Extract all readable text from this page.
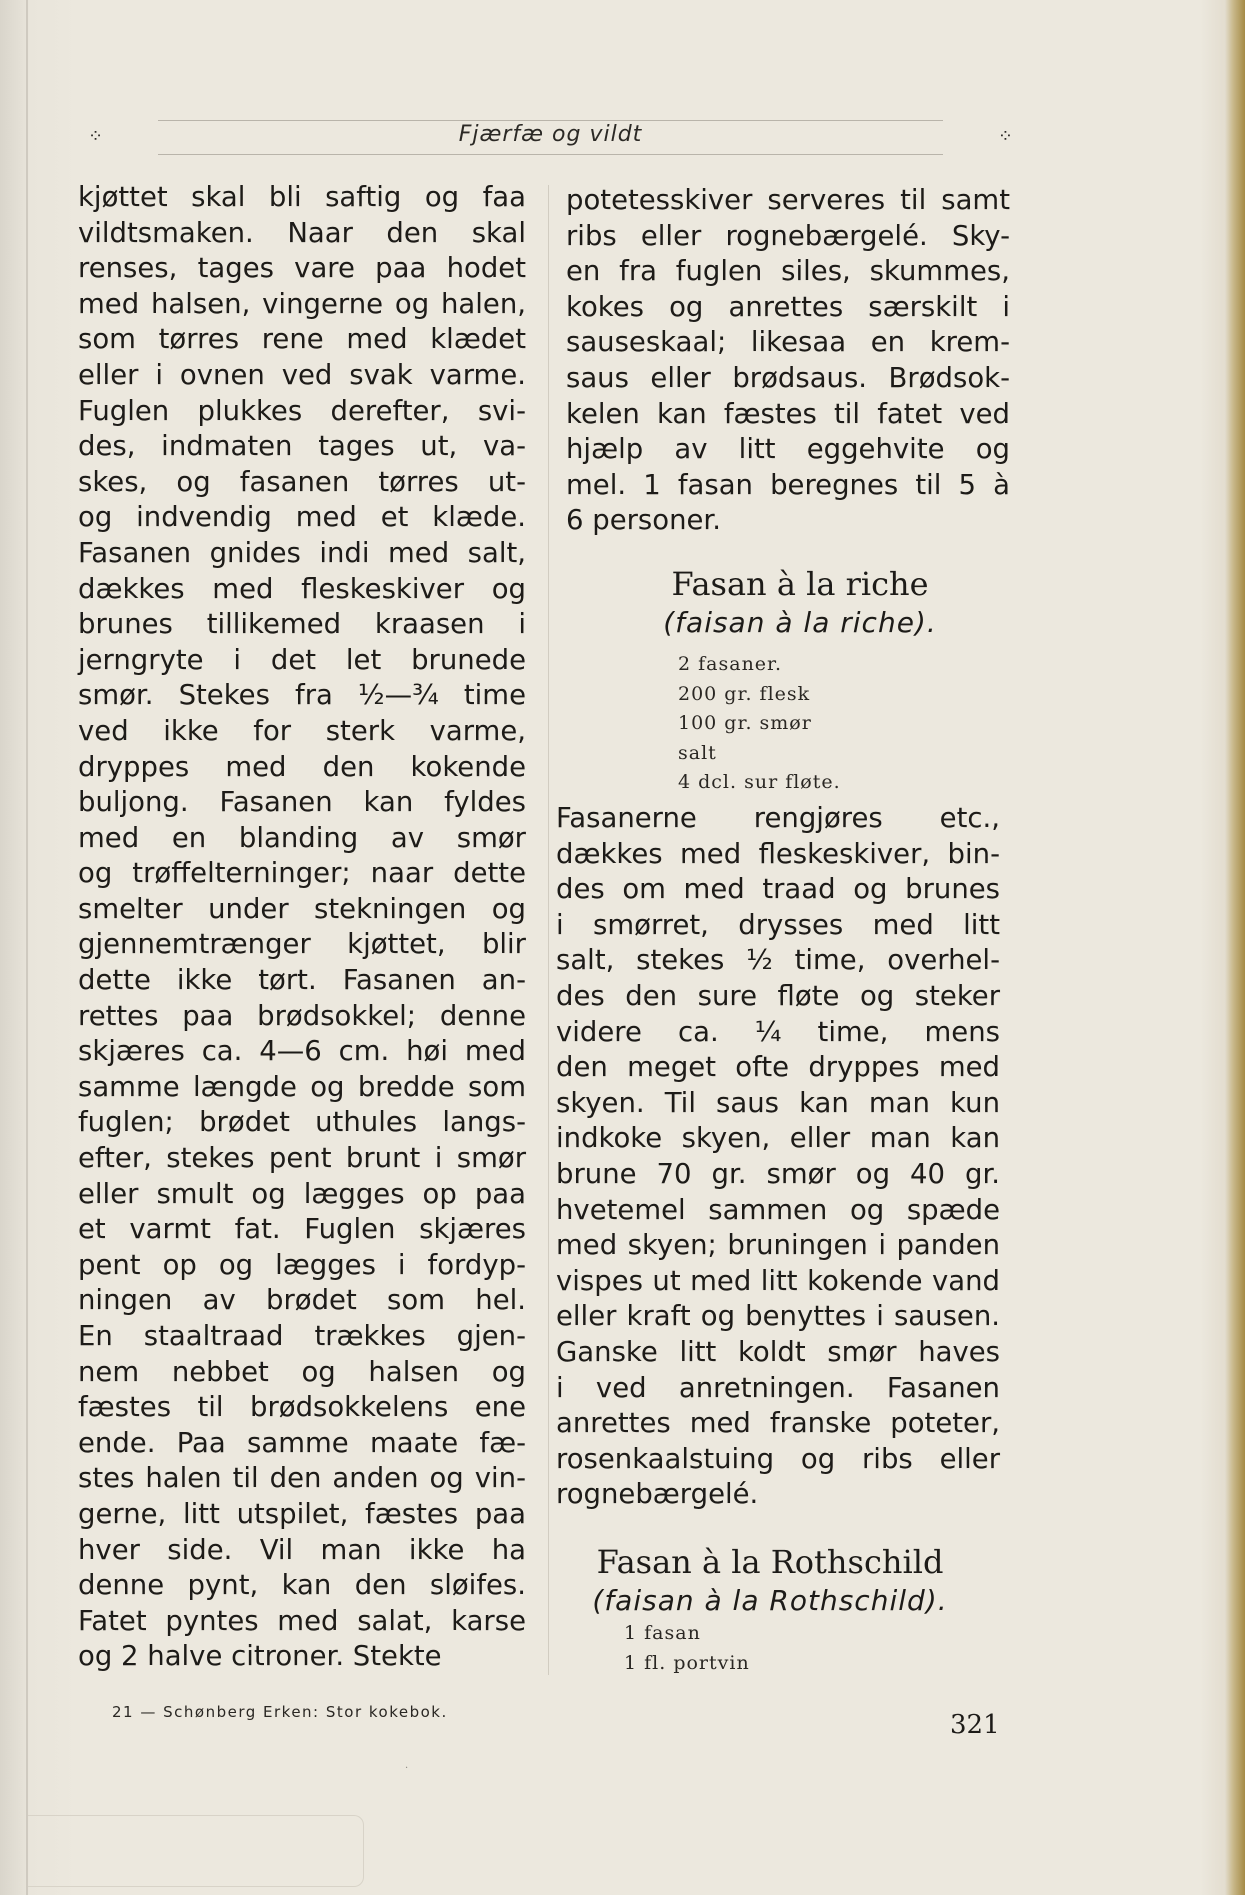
⁘	Fjærfæ og vildt	⁘
kjøttet skal bli saftig og faa
vildtsmaken. Naar den skal
renses, tages vare paa hodet
med halsen, vingerne og halen,
som tørres rene med klædet
eller i ovnen ved svak varme.
Fuglen plukkes derefter, svi-
des, indmaten tages ut, va-
skes, og fasanen tørres ut-
og indvendig med et klæde.
Fasanen gnides indi med salt,
dækkes med fleskeskiver og
brunes tillikemed kraasen i
jerngryte i det let brunede
smør. Stekes fra ½—¾ time
ved ikke for sterk varme,
dryppes med den kokende
buljong. Fasanen kan fyldes
med en blanding av smør
og trøffelterninger; naar dette
smelter under stekningen og
gjennemtrænger kjøttet, blir
dette ikke tørt. Fasanen an-
rettes paa brødsokkel; denne
skjæres ca. 4—6 cm. høi med
samme længde og bredde som
fuglen; brødet uthules langs-
efter, stekes pent brunt i smør
eller smult og lægges op paa
et varmt fat. Fuglen skjæres
pent op og lægges i fordyp-
ningen av brødet som hel.
En staaltraad trækkes gjen-
nem nebbet og halsen og
fæstes til brødsokkelens ene
ende. Paa samme maate fæ-
stes halen til den anden og vin-
gerne, litt utspilet, fæstes paa
hver side. Vil man ikke ha
denne pynt, kan den sløifes.
Fatet pyntes med salat, karse
og 2 halve citroner. Stekte
potetesskiver serveres til samt
ribs eller rognebærgelé. Sky-
en fra fuglen siles, skummes,
kokes og anrettes særskilt i
sauseskaal; likesaa en krem-
saus eller brødsaus. Brødsok-
kelen kan fæstes til fatet ved
hjælp av litt eggehvite og
mel. 1 fasan beregnes til 5 à
6 personer.
Fasan à la riche
(faisan à la riche).
2 fasaner.
200 gr. flesk
100 gr. smør
salt
4 dcl. sur fløte.
Fasanerne rengjøres etc.,
dækkes med fleskeskiver, bin-
des om med traad og brunes
i smørret, drysses med litt
salt, stekes ½ time, overhel-
des den sure fløte og steker
videre ca. ¼ time, mens
den meget ofte dryppes med
skyen. Til saus kan man kun
indkoke skyen, eller man kan
brune 70 gr. smør og 40 gr.
hvetemel sammen og spæde
med skyen; bruningen i panden
vispes ut med litt kokende vand
eller kraft og benyttes i sausen.
Ganske litt koldt smør haves
i ved anretningen. Fasanen
anrettes med franske poteter,
rosenkaalstuing og ribs eller
rognebærgelé.
Fasan à la Rothschild
(faisan à la Rothschild).
1 fasan
1 fl. portvin
21 — Schønberg Erken: Stor kokebok.	321
·
